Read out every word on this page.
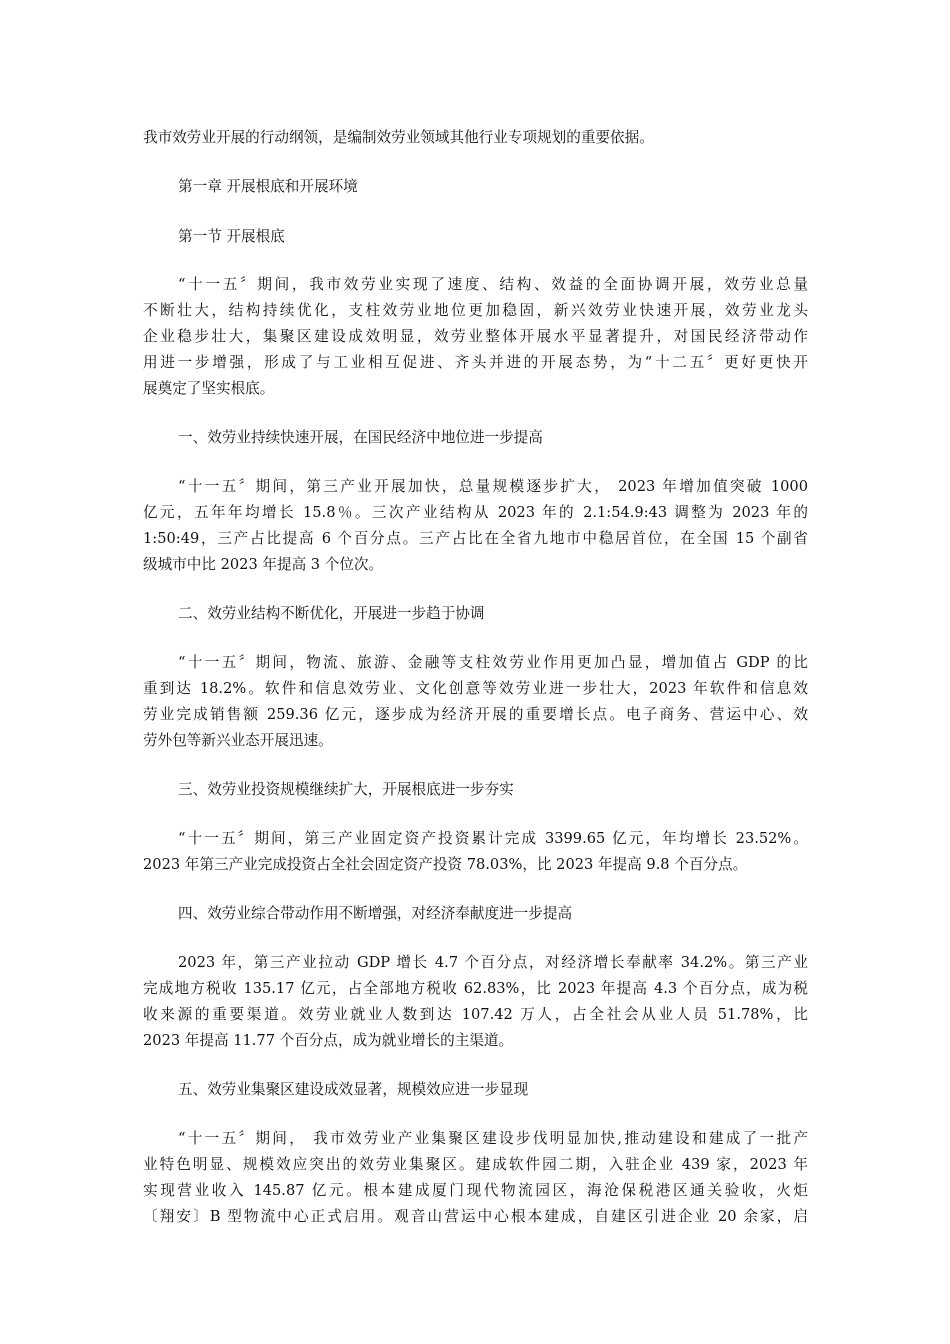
我市效劳业开展的行动纲领，是编制效劳业领域其他行业专项规划的重要依据。
第一章 开展根底和开展环境
第一节 开展根底
“十一五〞期间，我市效劳业实现了速度、结构、效益的全面协调开展，效劳业总量
不断壮大，结构持续优化，支柱效劳业地位更加稳固，新兴效劳业快速开展，效劳业龙头
企业稳步壮大，集聚区建设成效明显，效劳业整体开展水平显著提升，对国民经济带动作
用进一步增强，形成了与工业相互促进、齐头并进的开展态势，为“十二五〞更好更快开
展奠定了坚实根底。
一、效劳业持续快速开展，在国民经济中地位进一步提高
“十一五〞期间，第三产业开展加快，总量规模逐步扩大， 2023 年增加值突破 1000
亿元，五年年均增长 15.8％。三次产业结构从 2023 年的 2.1:54.9:43 调整为 2023 年的
1:50:49，三产占比提高 6 个百分点。三产占比在全省九地市中稳居首位，在全国 15 个副省
级城市中比 2023 年提高 3 个位次。
二、效劳业结构不断优化，开展进一步趋于协调
“十一五〞期间，物流、旅游、金融等支柱效劳业作用更加凸显，增加值占 GDP 的比
重到达 18.2%。软件和信息效劳业、文化创意等效劳业进一步壮大，2023 年软件和信息效
劳业完成销售额 259.36 亿元，逐步成为经济开展的重要增长点。电子商务、营运中心、效
劳外包等新兴业态开展迅速。
三、效劳业投资规模继续扩大，开展根底进一步夯实
“十一五〞期间，第三产业固定资产投资累计完成 3399.65 亿元，年均增长 23.52%。
2023 年第三产业完成投资占全社会固定资产投资 78.03%，比 2023 年提高 9.8 个百分点。
四、效劳业综合带动作用不断增强，对经济奉献度进一步提高
2023 年，第三产业拉动 GDP 增长 4.7 个百分点，对经济增长奉献率 34.2%。第三产业
完成地方税收 135.17 亿元，占全部地方税收 62.83%，比 2023 年提高 4.3 个百分点，成为税
收来源的重要渠道。效劳业就业人数到达 107.42 万人，占全社会从业人员 51.78%，比
2023 年提高 11.77 个百分点，成为就业增长的主渠道。
五、效劳业集聚区建设成效显著，规模效应进一步显现
“十一五〞期间， 我市效劳业产业集聚区建设步伐明显加快,推动建设和建成了一批产
业特色明显、规模效应突出的效劳业集聚区。建成软件园二期，入驻企业 439 家，2023 年
实现营业收入 145.87 亿元。根本建成厦门现代物流园区，海沧保税港区通关验收，火炬
〔翔安〕B 型物流中心正式启用。观音山营运中心根本建成，自建区引进企业 20 余家，启
